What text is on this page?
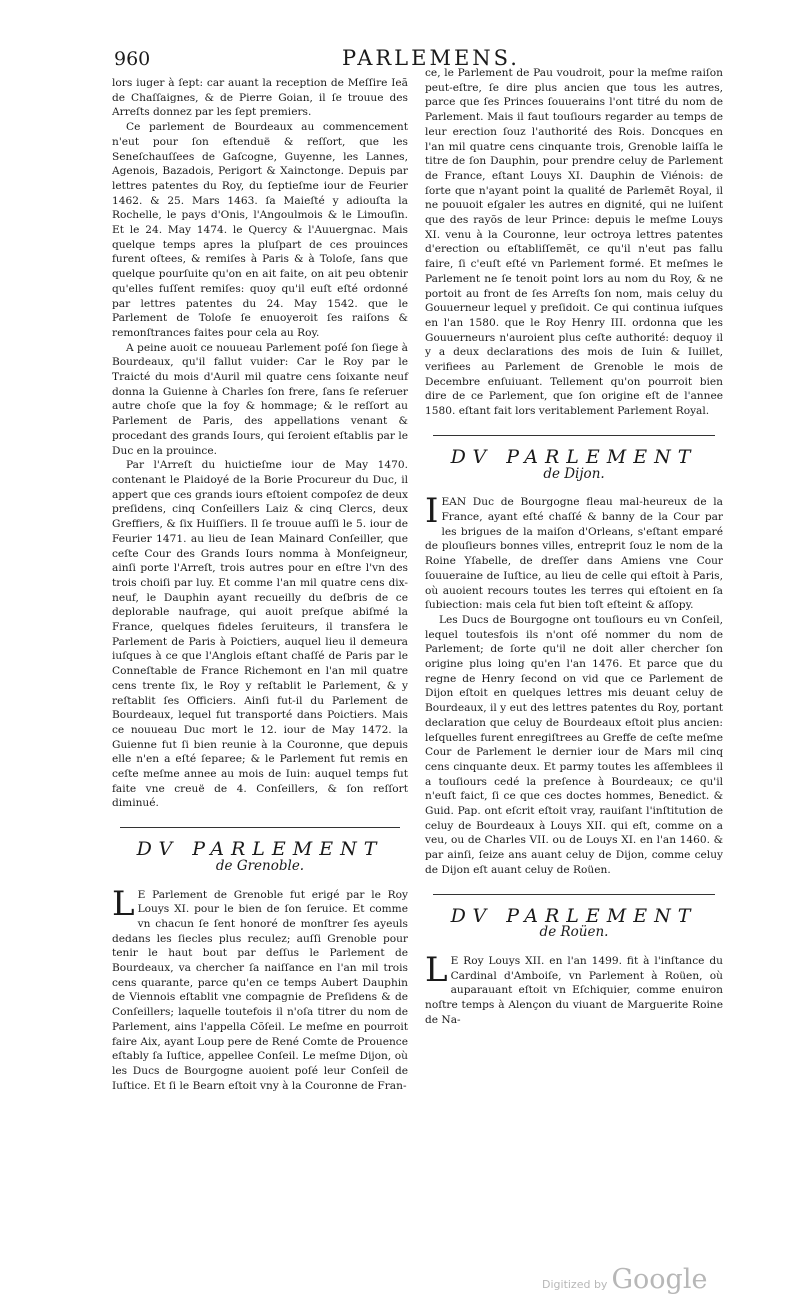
960	PARLEMENS.

lors iuger à ſept: car auant la reception de Meſſire Ieã de Chaſſaignes, & de Pierre Goian, il ſe trouue des Arreſts donnez par les ſept premiers.

Ce parlement de Bourdeaux au commencement n'eut pour ſon eſtenduë & reſſort, que les Seneſchauſſees de Gaſcogne, Guyenne, les Lannes, Agenois, Bazadois, Perigort & Xainctonge. Depuis par lettres patentes du Roy, du ſeptieſme iour de Feurier 1462. & 25. Mars 1463. ſa Maieſté y adiouſta la Rochelle, le pays d'Onis, l'Angoulmois & le Limouſin. Et le 24. May 1474. le Quercy & l'Auuergnac. Mais quelque temps apres la pluſpart de ces prouinces furent oſtees, & remiſes à Paris & à Toloſe, ſans que quelque pourſuite qu'on en ait faite, on ait peu obtenir qu'elles fuſſent remiſes: quoy qu'il euſt eſté ordonné par lettres patentes du 24. May 1542. que le Parlement de Toloſe ſe enuoyeroit ſes raiſons & remonſtrances faites pour cela au Roy.

A peine auoit ce nouueau Parlement poſé ſon ſiege à Bourdeaux, qu'il fallut vuider: Car le Roy par le Traicté du mois d'Auril mil quatre cens ſoixante neuf donna la Guienne à Charles ſon frere, ſans ſe reſeruer autre choſe que la foy & hommage; & le reſſort au Parlement de Paris, des appellations venant & procedant des grands Iours, qui ſeroient eſtablis par le Duc en la prouince.

Par l'Arreſt du huictieſme iour de May 1470. contenant le Plaidoyé de la Borie Procureur du Duc, il appert que ces grands iours eſtoient compoſez de deux preſidens, cinq Conſeillers Laiz & cinq Clercs, deux Greffiers, & ſix Huiſſiers. Il ſe trouue auſſi le 5. iour de Feurier 1471. au lieu de Iean Mainard Conſeiller, que ceſte Cour des Grands Iours nomma à Monſeigneur, ainſi porte l'Arreſt, trois autres pour en eſtre l'vn des trois choiſi par luy. Et comme l'an mil quatre cens dix-neuf, le Dauphin ayant recueilly du deſbris de ce deplorable naufrage, qui auoit preſque abiſmé la France, quelques fideles ſeruiteurs, il transfera le Parlement de Paris à Poictiers, auquel lieu il demeura iuſques à ce que l'Anglois eſtant chaſſé de Paris par le Conneſtable de France Richemont en l'an mil quatre cens trente ſix, le Roy y reſtablit le Parlement, & y reſtablit ſes Officiers. Ainſi fut-il du Parlement de Bourdeaux, lequel fut transporté dans Poictiers. Mais ce nouueau Duc mort le 12. iour de May 1472. la Guienne fut ſi bien reunie à la Couronne, que depuis elle n'en a eſté ſeparee; & le Parlement fut remis en ceſte meſme annee au mois de Iuin: auquel temps fut faite vne creuë de 4. Conſeillers, & ſon reſſort diminué.

DV PARLEMENT
de Grenoble.

L E Parlement de Grenoble fut erigé par le Roy Louys XI. pour le bien de ſon ſeruice. Et comme vn chacun ſe ſent honoré de monſtrer ſes ayeuls dedans les ſiecles plus reculez; auſſi Grenoble pour tenir le haut bout par deſſus le Parlement de Bourdeaux, va chercher ſa naiſſance en l'an mil trois cens quarante, parce qu'en ce temps Aubert Dauphin de Viennois eſtablit vne compagnie de Preſidens & de Conſeillers; laquelle toutefois il n'oſa titrer du nom de Parlement, ains l'appella Cõſeil. Le meſme en pourroit faire Aix, ayant Loup pere de René Comte de Prouence eſtably ſa Iuſtice, appellee Conſeil. Le meſme Dijon, où les Ducs de Bourgogne auoient poſé leur Conſeil de Iuſtice. Et ſi le Bearn eſtoit vny à la Couronne de Fran-

ce, le Parlement de Pau voudroit, pour la meſme raiſon peut-eſtre, ſe dire plus ancien que tous les autres, parce que ſes Princes ſouuerains l'ont titré du nom de Parlement. Mais il faut touſiours regarder au temps de leur erection ſouz l'authorité des Rois. Doncques en l'an mil quatre cens cinquante trois, Grenoble laiſſa le titre de ſon Dauphin, pour prendre celuy de Parlement de France, eſtant Louys XI. Dauphin de Viénois: de ſorte que n'ayant point la qualité de Parlemẽt Royal, il ne pouuoit eſgaler les autres en dignité, qui ne luiſent que des rayõs de leur Prince: depuis le meſme Louys XI. venu à la Couronne, leur octroya lettres patentes d'erection ou eſtabliſſemẽt, ce qu'il n'eut pas fallu faire, ſi c'euſt eſté vn Parlement formé. Et meſmes le Parlement ne ſe tenoit point lors au nom du Roy, & ne portoit au front de ſes Arreſts ſon nom, mais celuy du Gouuerneur lequel y preſidoit. Ce qui continua iuſques en l'an 1580. que le Roy Henry III. ordonna que les Gouuerneurs n'auroient plus ceſte authorité: dequoy il y a deux declarations des mois de Iuin & Iuillet, verifiees au Parlement de Grenoble le mois de Decembre enſuiuant. Tellement qu'on pourroit bien dire de ce Parlement, que ſon origine eſt de l'annee 1580. eſtant fait lors veritablement Parlement Royal.

DV PARLEMENT
de Dijon.

IEAN Duc de Bourgogne fleau mal-heureux de la France, ayant eſté chaſſé & banny de la Cour par les brigues de la maiſon d'Orleans, s'eſtant emparé de plouſieurs bonnes villes, entreprit ſouz le nom de la Roine Yſabelle, de dreſſer dans Amiens vne Cour ſouueraine de Iuſtice, au lieu de celle qui eſtoit à Paris, où auoient recours toutes les terres qui eſtoient en ſa ſubiection: mais cela fut bien toſt eſteint & aſſopy.

Les Ducs de Bourgogne ont touſiours eu vn Conſeil, lequel toutesfois ils n'ont oſé nommer du nom de Parlement; de ſorte qu'il ne doit aller chercher ſon origine plus loing qu'en l'an 1476. Et parce que du regne de Henry ſecond on vid que ce Parlement de Dijon eſtoit en quelques lettres mis deuant celuy de Bourdeaux, il y eut des lettres patentes du Roy, portant declaration que celuy de Bourdeaux eſtoit plus ancien: leſquelles furent enregiſtrees au Greffe de ceſte meſme Cour de Parlement le dernier iour de Mars mil cinq cens cinquante deux. Et parmy toutes les aſſemblees il a touſiours cedé la preſence à Bourdeaux; ce qu'il n'euſt faict, ſi ce que ces doctes hommes, Benedict. & Guid. Pap. ont eſcrit eſtoit vray, rauiſant l'inſtitution de celuy de Bourdeaux à Louys XII. qui eſt, comme on a veu, ou de Charles VII. ou de Louys XI. en l'an 1460. & par ainſi, ſeize ans auant celuy de Dijon, comme celuy de Dijon eſt auant celuy de Roüen.

DV PARLEMENT
de Roüen.

L E Roy Louys XII. en l'an 1499. fit à l'inſtance du Cardinal d'Amboiſe, vn Parlement à Roüen, où auparauant eſtoit vn Eſchiquier, comme enuiron noſtre temps à Alençon du viuant de Marguerite Roine de Na-

Digitized by Google
